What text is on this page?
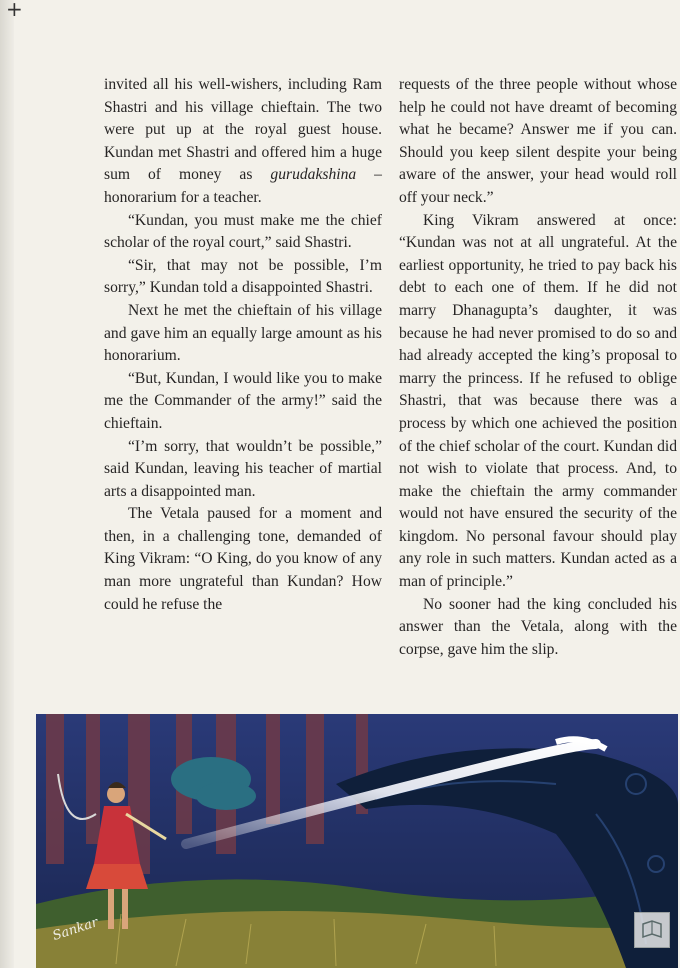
+

invited all his well-wishers, including Ram Shastri and his village chieftain. The two were put up at the royal guest house. Kundan met Shastri and offered him a huge sum of money as gurudakshina – honorarium for a teacher.

“Kundan, you must make me the chief scholar of the royal court,” said Shastri.

“Sir, that may not be possible, I’m sorry,” Kundan told a disappointed Shastri.

Next he met the chieftain of his village and gave him an equally large amount as his honorarium.

“But, Kundan, I would like you to make me the Commander of the army!” said the chieftain.

“I’m sorry, that wouldn’t be possible,” said Kundan, leaving his teacher of martial arts a disappointed man.

The Vetala paused for a moment and then, in a challenging tone, demanded of King Vikram: “O King, do you know of any man more ungrateful than Kundan? How could he refuse the

requests of the three people without whose help he could not have dreamt of becoming what he became? Answer me if you can. Should you keep silent despite your being aware of the answer, your head would roll off your neck.”

King Vikram answered at once: “Kundan was not at all ungrateful. At the earliest opportunity, he tried to pay back his debt to each one of them. If he did not marry Dhanagupta’s daughter, it was because he had never promised to do so and had already accepted the king’s proposal to marry the princess. If he refused to oblige Shastri, that was because there was a process by which one achieved the position of the chief scholar of the court. Kundan did not wish to violate that process. And, to make the chieftain the army commander would not have ensured the security of the kingdom. No personal favour should play any role in such matters. Kundan acted as a man of principle.”

No sooner had the king concluded his answer than the Vetala, along with the corpse, gave him the slip.

Sankar
